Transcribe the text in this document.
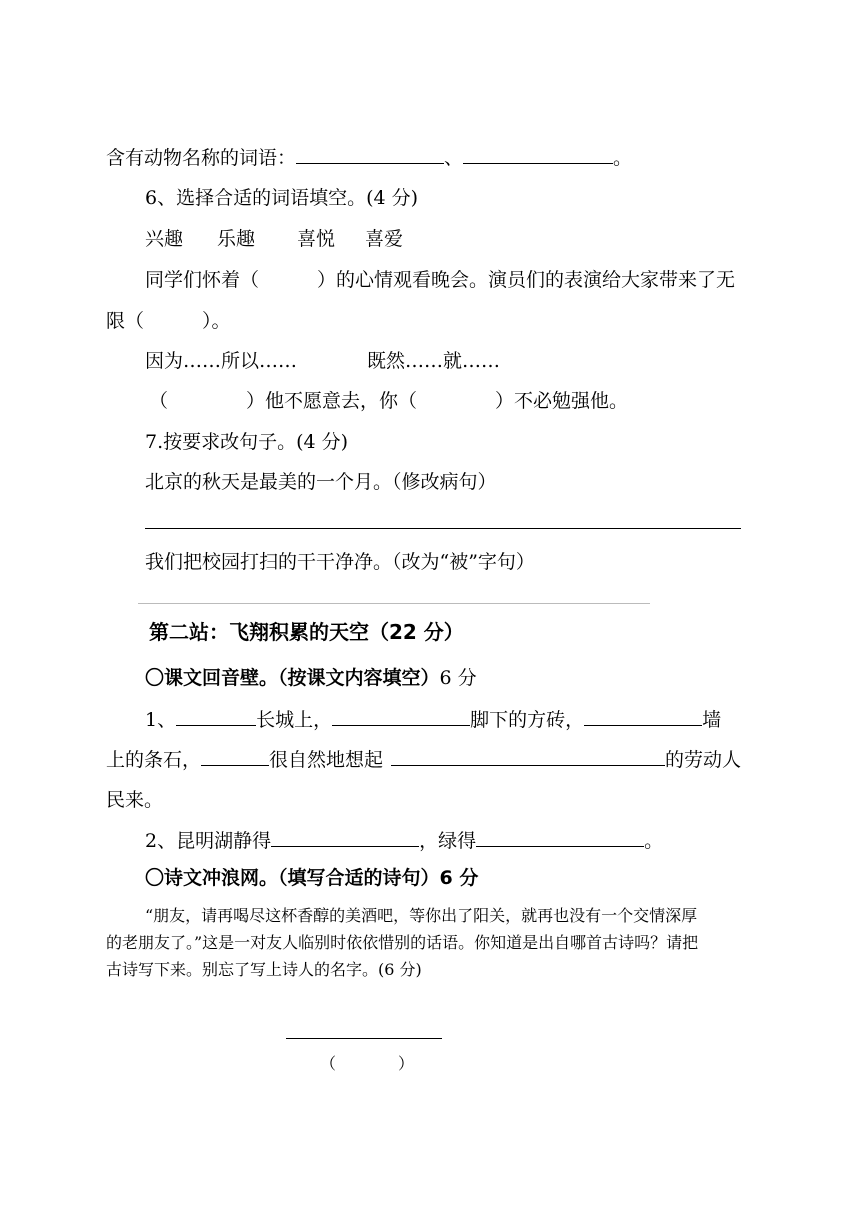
含有动物名称的词语：	、	。
6、选择合适的词语填空。(4 分)
兴趣 乐趣 喜悦 喜爱
同学们怀着（	）的心情观看晚会。演员们的表演给大家带来了无
限（	）。
因为……所以……	既然……就……
（	）他不愿意去，你（	）不必勉强他。
7.按要求改句子。(4 分)
北京的秋天是最美的一个月。（修改病句）
我们把校园打扫的干干净净。（改为“被”字句）
第二站：飞翔积累的天空（22 分）
〇课文回音壁。（按课文内容填空）6 分
1、	长城上，	脚下的方砖，	墙
上的条石，	很自然地想起	的劳动人
民来。
2、昆明湖静得	，绿得	。
〇诗文冲浪网。（填写合适的诗句）6 分
“朋友，请再喝尽这杯香醇的美酒吧，等你出了阳关，就再也没有一个交情深厚
的老朋友了。”这是一对友人临别时依依惜别的话语。你知道是出自哪首古诗吗？请把
古诗写下来。别忘了写上诗人的名字。(6 分)
（	）
